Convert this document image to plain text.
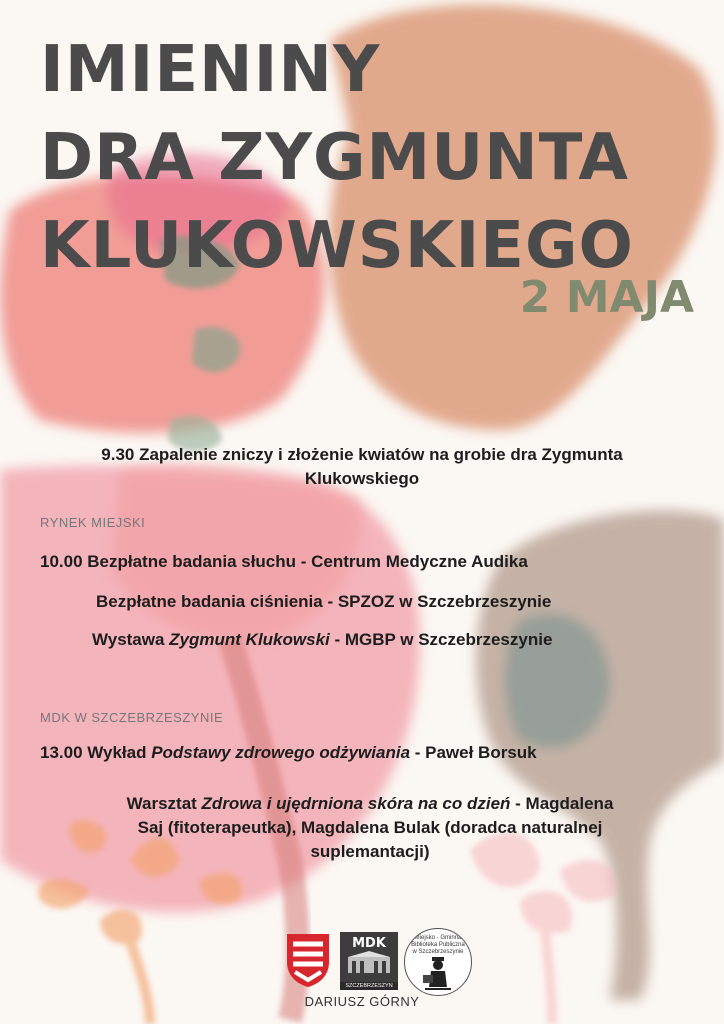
IMIENINY
DRA ZYGMUNTA
KLUKOWSKIEGO
2 MAJA
9.30 Zapalenie zniczy i złożenie kwiatów na grobie dra Zygmunta
Klukowskiego
RYNEK MIEJSKI
10.00 Bezpłatne badania słuchu - Centrum Medyczne Audika
Bezpłatne badania ciśnienia - SPZOZ w Szczebrzeszynie
Wystawa Zygmunt Klukowski - MGBP w Szczebrzeszynie
MDK W SZCZEBRZESZYNIE
13.00 Wykład Podstawy zdrowego odżywiania - Paweł Borsuk
Warsztat Zdrowa i ujędrniona skóra na co dzień - Magdalena
Saj (fitoterapeutka), Magdalena Bulak (doradca naturalnej
suplemantacji)
MDK
SZCZEBRZESZYN
Miejsko - Gminna Biblioteka Publiczna w Szczebrzeszynie
DARIUSZ GÓRNY
